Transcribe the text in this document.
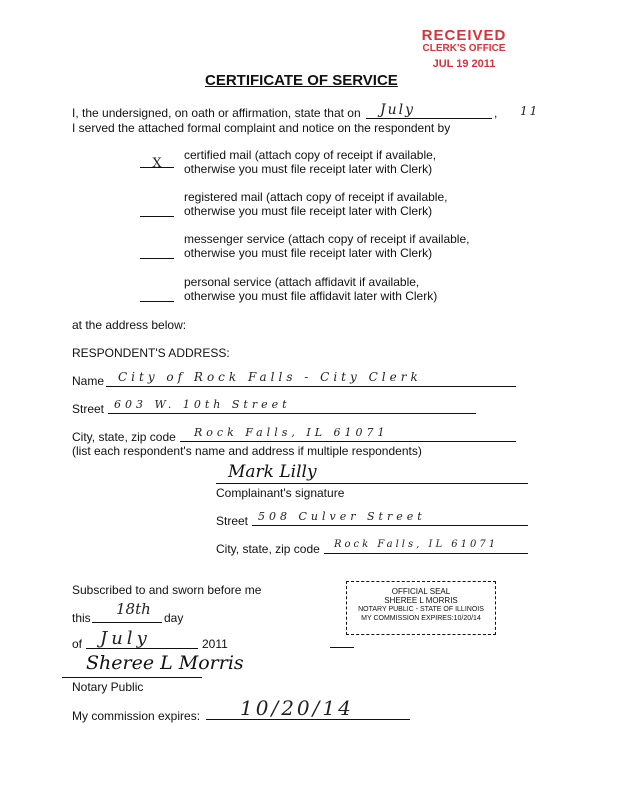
RECEIVED
CLERK'S OFFICE
JUL 19 2011
CERTIFICATE OF SERVICE
I, the undersigned, on oath or affirmation, state that on July	, 11
I served the attached formal complaint and notice on the respondent by
X
certified mail (attach copy of receipt if available,
otherwise you must file receipt later with Clerk)
registered mail (attach copy of receipt if available,
otherwise you must file receipt later with Clerk)
messenger service (attach copy of receipt if available,
otherwise you must file receipt later with Clerk)
personal service (attach affidavit if available,
otherwise you must file affidavit later with Clerk)
at the address below:
RESPONDENT'S ADDRESS:
Name City of Rock Falls - City Clerk
Street 603 W. 10th Street
City, state, zip code Rock Falls, IL 61071
(list each respondent's name and address if multiple respondents)
Mark Lilly
Complainant's signature
Street 508 Culver Street
City, state, zip code Rock Falls, IL 61071
Subscribed to and sworn before me
this 18th day
of July	2011
Sheree L Morris
Notary Public
My commission expires: 10/20/14
OFFICIAL SEAL
SHEREE L MORRIS
NOTARY PUBLIC - STATE OF ILLINOIS
MY COMMISSION EXPIRES:10/20/14
